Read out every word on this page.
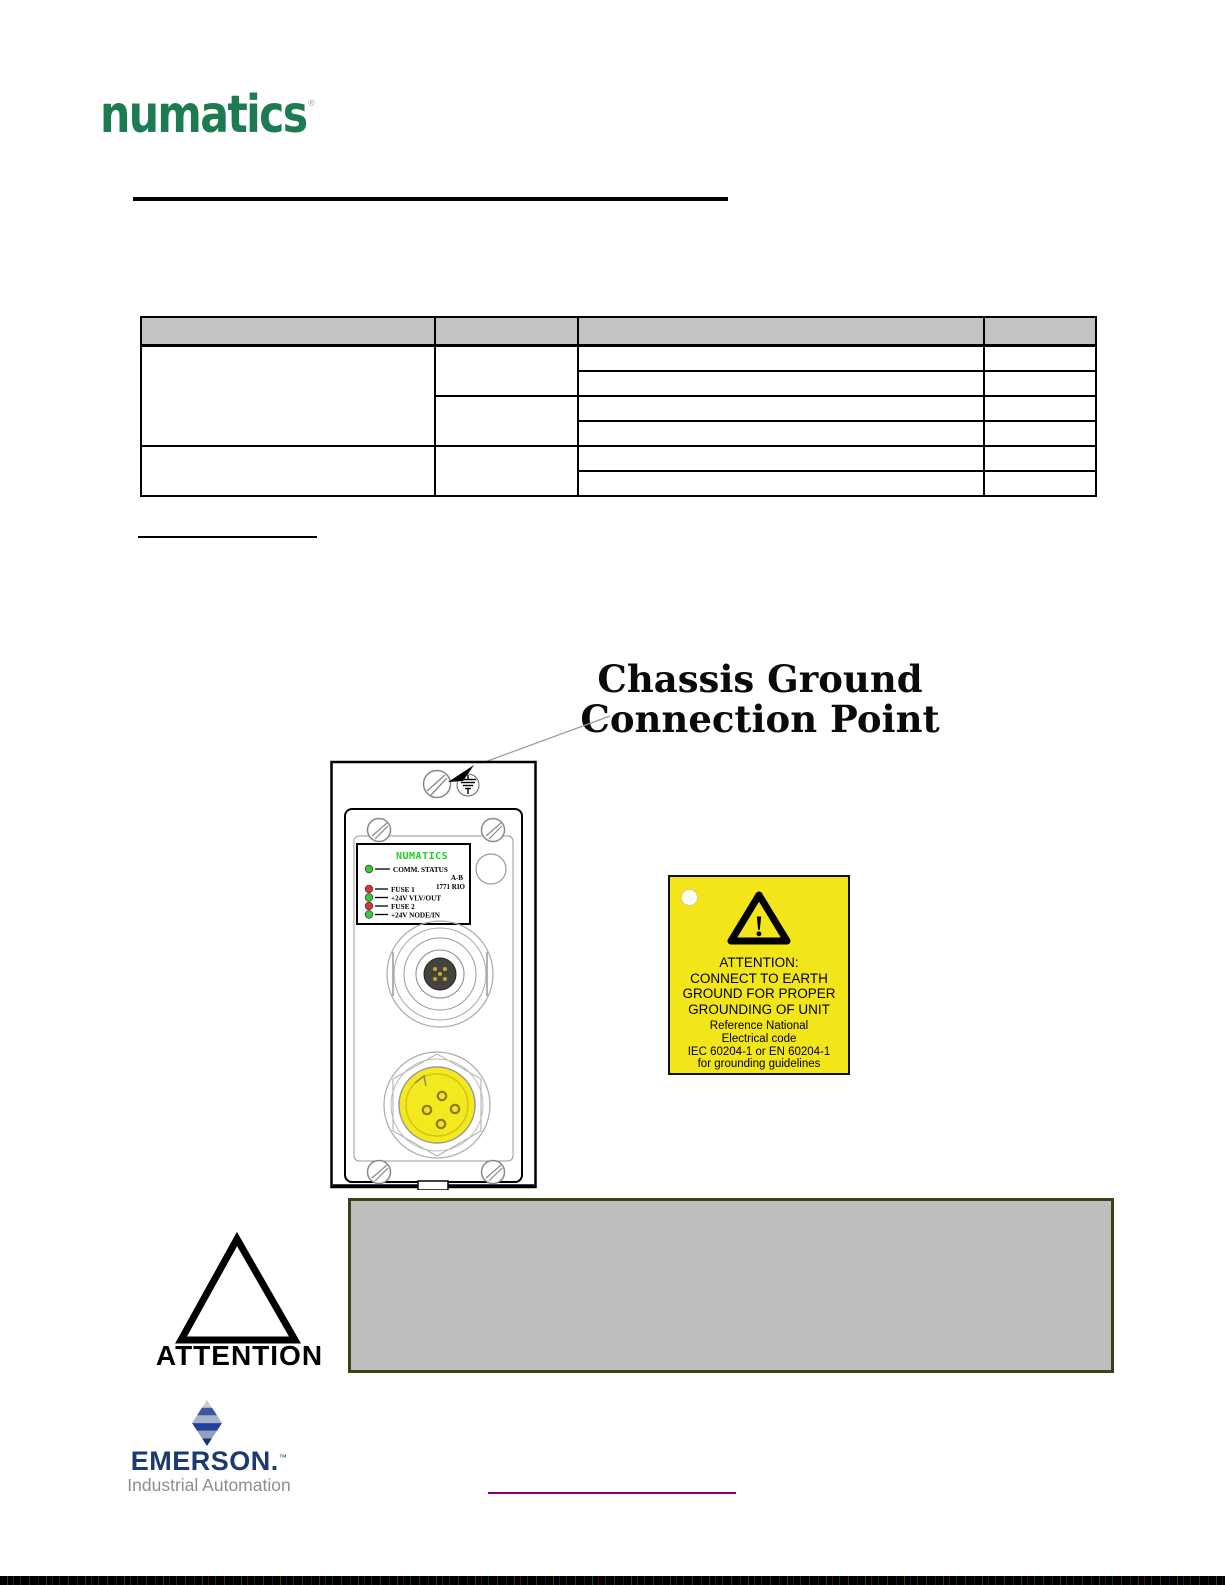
numatics ®

Chassis Ground
Connection Point
NUMATICS
COMM. STATUS
A-B
1771 RIO
FUSE 1
+24V VLV/OUT
FUSE 2
+24V NODE/IN	!
ATTENTION:
CONNECT TO EARTH
GROUND FOR PROPER
GROUNDING OF UNIT
Reference National
Electrical code
IEC 60204-1 or EN 60204-1
for grounding guidelines
ATTENTION
EMERSON.™
Industrial Automation
